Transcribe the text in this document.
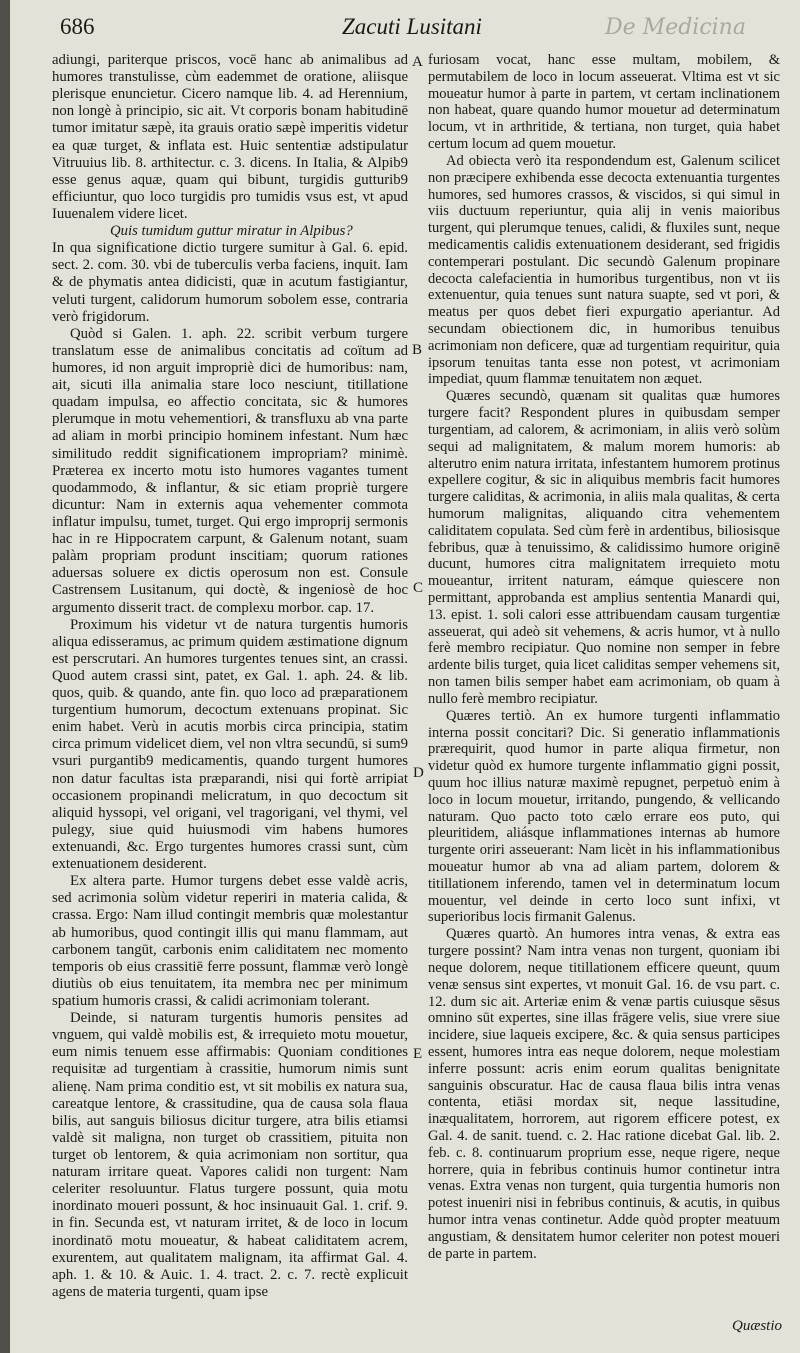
686	Zacuti Lusitani	De Medicina

adiungi, pariterque priscos, vocē hanc ab animalibus ad humores transtulisse, cùm eademmet de oratione, aliisque plerisque enuncietur. Cicero namque lib. 4. ad Herennium, non longè à principio, sic ait. Vt corporis bonam habitudinē tumor imitatur sæpè, ita grauis oratio sæpè imperitis videtur ea quæ turget, & inflata est. Huic sententiæ adstipulatur Vitruuius lib. 8. arthitectur. c. 3. dicens. In Italia, & Alpib9 esse genus aquæ, quam qui bibunt, turgidis gutturib9 efficiuntur, quo loco turgidis pro tumidis vsus est, vt apud Iuuenalem videre licet.

Quis tumidum guttur miratur in Alpibus?

In qua significatione dictio turgere sumitur à Gal. 6. epid. sect. 2. com. 30. vbi de tuberculis verba faciens, inquit. Iam & de phymatis antea didicisti, quæ in acutum fastigiantur, veluti turgent, calidorum humorum sobolem esse, contraria verò frigidorum.

Quòd si Galen. 1. aph. 22. scribit verbum turgere translatum esse de animalibus concitatis ad coïtum ad humores, id non arguit impropriè dici de humoribus: nam, ait, sicuti illa animalia stare loco nesciunt, titillatione quadam impulsa, eo affectio concitata, sic & humores plerumque in motu vehementiori, & transfluxu ab vna parte ad aliam in morbi principio hominem infestant. Num hæc similitudo reddit significationem impropriam? minimè. Præterea ex incerto motu isto humores vagantes tument quodammodo, & inflantur, & sic etiam propriè turgere dicuntur: Nam in externis aqua vehementer commota inflatur impulsu, tumet, turget. Qui ergo improprij sermonis hac in re Hippocratem carpunt, & Galenum notant, suam palàm propriam produnt inscitiam; quorum rationes aduersas soluere ex dictis operosum non est. Consule Castrensem Lusitanum, qui doctè, & ingeniosè de hoc argumento disserit tract. de complexu morbor. cap. 17.

Proximum his videtur vt de natura turgentis humoris aliqua edisseramus, ac primum quidem æstimatione dignum est perscrutari. An humores turgentes tenues sint, an crassi. Quod autem crassi sint, patet, ex Gal. 1. aph. 24. & lib. quos, quib. & quando, ante fin. quo loco ad præparationem turgentium humorum, decoctum extenuans propinat. Sic enim habet. Verù in acutis morbis circa principia, statim circa primum videlicet diem, vel non vltra secundū, si sum9 vsuri purgantib9 medicamentis, quando turgent humores non datur facultas ista præparandi, nisi qui fortè arripiat occasionem propinandi melicratum, in quo decoctum sit aliquid hyssopi, vel origani, vel tragorigani, vel thymi, vel pulegy, siue quid huiusmodi vim habens humores extenuandi, &c. Ergo turgentes humores crassi sunt, cùm extenuationem desiderent.

Ex altera parte. Humor turgens debet esse valdè acris, sed acrimonia solùm videtur reperiri in materia calida, & crassa. Ergo: Nam illud contingit membris quæ molestantur ab humoribus, quod contingit illis qui manu flammam, aut carbonem tangūt, carbonis enim caliditatem nec momento temporis ob eius crassitiē ferre possunt, flammæ verò longè diutiùs ob eius tenuitatem, ita membra nec per minimum spatium humoris crassi, & calidi acrimoniam tolerant.

Deinde, si naturam turgentis humoris pensites ad vnguem, qui valdè mobilis est, & irrequieto motu mouetur, eum nimis tenuem esse affirmabis: Quoniam conditiones requisitæ ad turgentiam à crassitie, humorum nimis sunt alienę. Nam prima conditio est, vt sit mobilis ex natura sua, careatque lentore, & crassitudine, qua de causa sola flaua bilis, aut sanguis biliosus dicitur turgere, atra bilis etiamsi valdè sit maligna, non turget ob crassitiem, pituita non turget ob lentorem, & quia acrimoniam non sortitur, qua naturam irritare queat. Vapores calidi non turgent: Nam celeriter resoluuntur. Flatus turgere possunt, quia motu inordinato moueri possunt, & hoc insinuauit Gal. 1. crif. 9. in fin. Secunda est, vt naturam irritet, & de loco in locum inordinatō motu moueatur, & habeat caliditatem acrem, exurentem, aut qualitatem malignam, ita affirmat Gal. 4. aph. 1. & 10. & Auic. 1. 4. tract. 2. c. 7. rectè explicuit agens de materia turgenti, quam ipse

A
B
C
D
E

furiosam vocat, hanc esse multam, mobilem, & permutabilem de loco in locum asseuerat. Vltima est vt sic moueatur humor à parte in partem, vt certam inclinationem non habeat, quare quando humor mouetur ad determinatum locum, vt in arthritide, & tertiana, non turget, quia habet certum locum ad quem mouetur.

Ad obiecta verò ita respondendum est, Galenum scilicet non præcipere exhibenda esse decocta extenuantia turgentes humores, sed humores crassos, & viscidos, si qui simul in viis ductuum reperiuntur, quia alij in venis maioribus turgent, qui plerumque tenues, calidi, & fluxiles sunt, neque medicamentis calidis extenuationem desiderant, sed frigidis contemperari postulant. Dic secundò Galenum propinare decocta calefacientia in humoribus turgentibus, non vt iis extenuentur, quia tenues sunt natura suapte, sed vt pori, & meatus per quos debet fieri expurgatio aperiantur. Ad secundam obiectionem dic, in humoribus tenuibus acrimoniam non deficere, quæ ad turgentiam requiritur, quia ipsorum tenuitas tanta esse non potest, vt acrimoniam impediat, quum flammæ tenuitatem non æquet.

Quæres secundò, quænam sit qualitas quæ humores turgere facit? Respondent plures in quibusdam semper turgentiam, ad calorem, & acrimoniam, in aliis verò solùm sequi ad malignitatem, & malum morem humoris: ab alterutro enim natura irritata, infestantem humorem protinus expellere cogitur, & sic in aliquibus membris facit humores turgere caliditas, & acrimonia, in aliis mala qualitas, & certa humorum malignitas, aliquando citra vehementem caliditatem copulata. Sed cùm ferè in ardentibus, biliosisque febribus, quæ à tenuissimo, & calidissimo humore originē ducunt, humores citra malignitatem irrequieto motu moueantur, irritent naturam, eámque quiescere non permittant, approbanda est amplius sententia Manardi qui, 13. epist. 1. soli calori esse attribuendam causam turgentiæ asseuerat, qui adeò sit vehemens, & acris humor, vt à nullo ferè membro recipiatur. Quo nomine non semper in febre ardente bilis turget, quia licet caliditas semper vehemens sit, non tamen bilis semper habet eam acrimoniam, ob quam à nullo ferè membro recipiatur.

Quæres tertiò. An ex humore turgenti inflammatio interna possit concitari? Dic. Si generatio inflammationis prærequirit, quod humor in parte aliqua firmetur, non videtur quòd ex humore turgente inflammatio gigni possit, quum hoc illius naturæ maximè repugnet, perpetuò enim à loco in locum mouetur, irritando, pungendo, & vellicando naturam. Quo pacto toto cælo errare eos puto, qui pleuritidem, aliásque inflammationes internas ab humore turgente oriri asseuerant: Nam licèt in his inflammationibus moueatur humor ab vna ad aliam partem, dolorem & titillationem inferendo, tamen vel in determinatum locum mouentur, vel deinde in certo loco sunt infixi, vt superioribus locis firmanit Galenus.

Quæres quartò. An humores intra venas, & extra eas turgere possint? Nam intra venas non turgent, quoniam ibi neque dolorem, neque titillationem efficere queunt, quum venæ sensus sint expertes, vt monuit Gal. 16. de vsu part. c. 12. dum sic ait. Arteriæ enim & venæ partis cuiusque sēsus omnino sūt expertes, sine illas frāgere velis, siue vrere siue incidere, siue laqueis excipere, &c. & quia sensus participes essent, humores intra eas neque dolorem, neque molestiam inferre possunt: acris enim eorum qualitas benignitate sanguinis obscuratur. Hac de causa flaua bilis intra venas contenta, etiāsi mordax sit, neque lassitudine, inæqualitatem, horrorem, aut rigorem efficere potest, ex Gal. 4. de sanit. tuend. c. 2. Hac ratione dicebat Gal. lib. 2. feb. c. 8. continuarum proprium esse, neque rigere, neque horrere, quia in febribus continuis humor continetur intra venas. Extra venas non turgent, quia turgentia humoris non potest inueniri nisi in febribus continuis, & acutis, in quibus humor intra venas continetur. Adde quòd propter meatuum angustiam, & densitatem humor celeriter non potest moueri de parte in partem.

Quæstio
